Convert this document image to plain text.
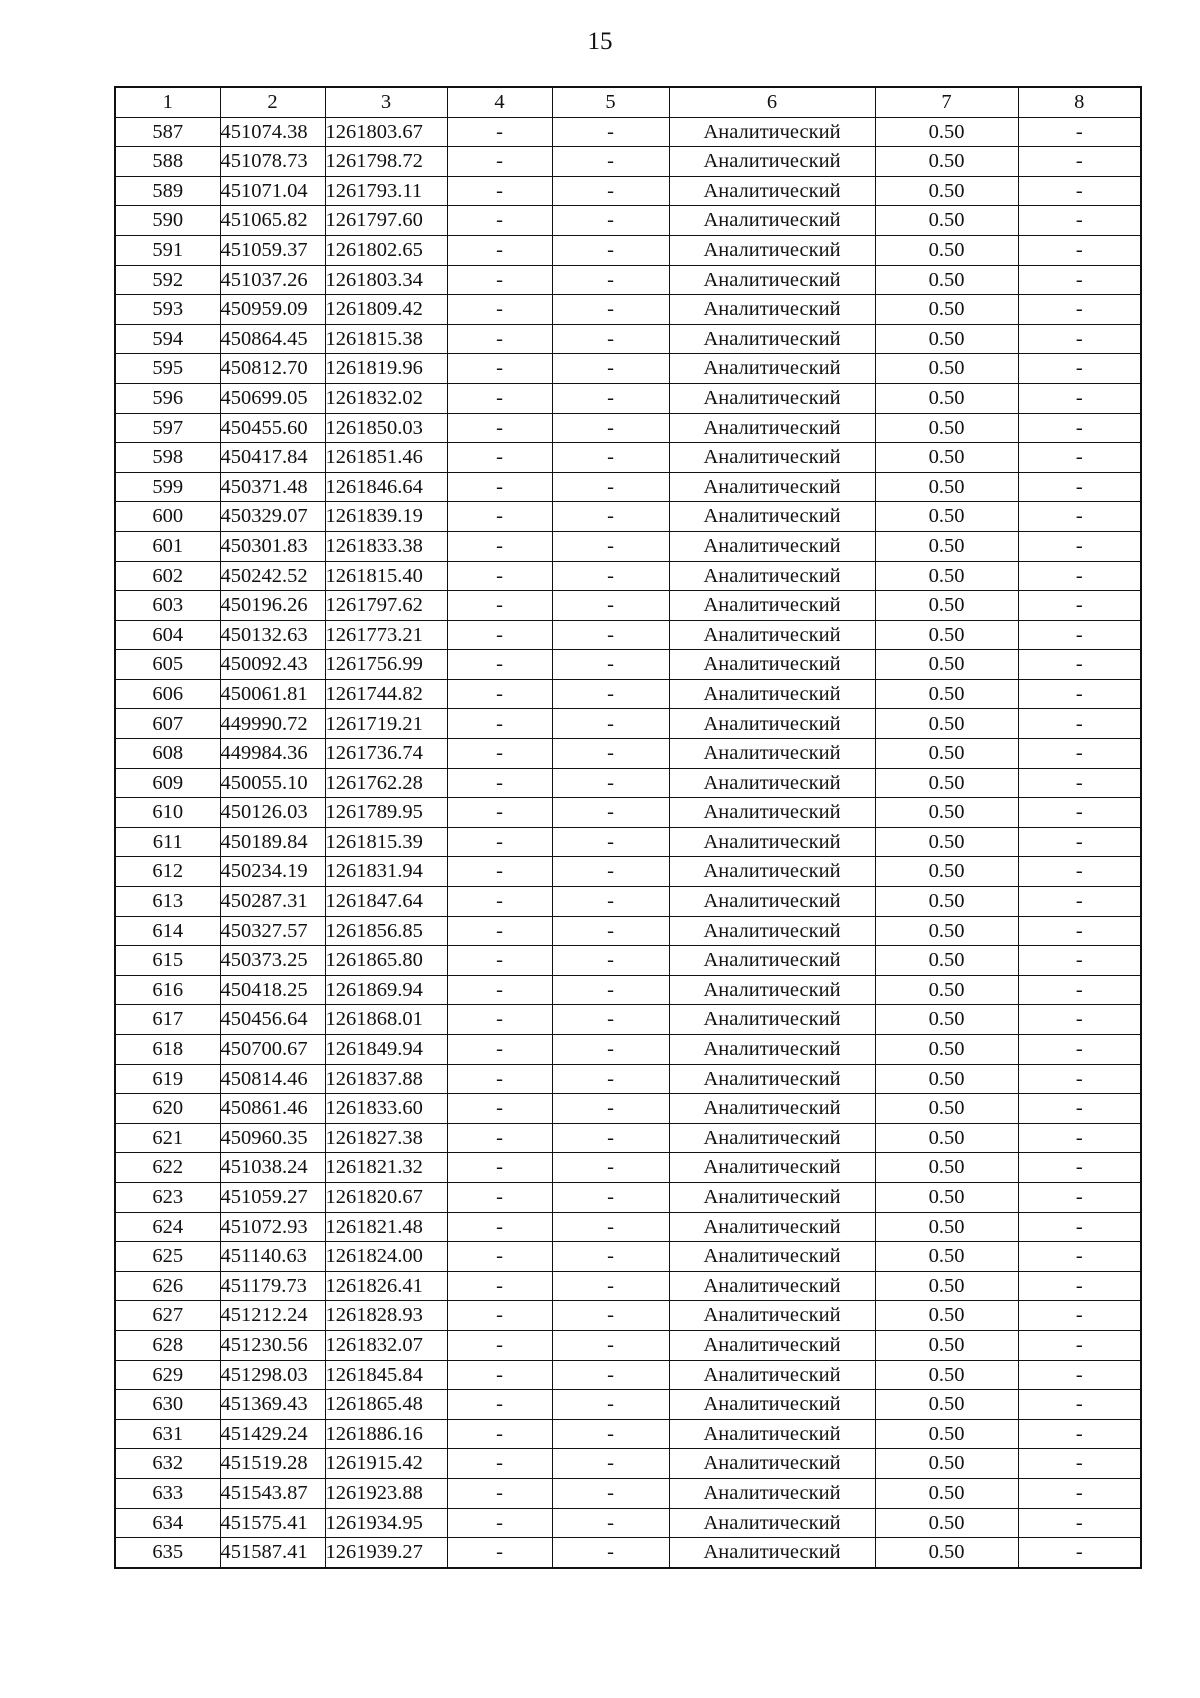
15
1	2	3	4	5	6	7	8
587	451074.38	1261803.67	-	-	Аналитический	0.50	-
588	451078.73	1261798.72	-	-	Аналитический	0.50	-
589	451071.04	1261793.11	-	-	Аналитический	0.50	-
590	451065.82	1261797.60	-	-	Аналитический	0.50	-
591	451059.37	1261802.65	-	-	Аналитический	0.50	-
592	451037.26	1261803.34	-	-	Аналитический	0.50	-
593	450959.09	1261809.42	-	-	Аналитический	0.50	-
594	450864.45	1261815.38	-	-	Аналитический	0.50	-
595	450812.70	1261819.96	-	-	Аналитический	0.50	-
596	450699.05	1261832.02	-	-	Аналитический	0.50	-
597	450455.60	1261850.03	-	-	Аналитический	0.50	-
598	450417.84	1261851.46	-	-	Аналитический	0.50	-
599	450371.48	1261846.64	-	-	Аналитический	0.50	-
600	450329.07	1261839.19	-	-	Аналитический	0.50	-
601	450301.83	1261833.38	-	-	Аналитический	0.50	-
602	450242.52	1261815.40	-	-	Аналитический	0.50	-
603	450196.26	1261797.62	-	-	Аналитический	0.50	-
604	450132.63	1261773.21	-	-	Аналитический	0.50	-
605	450092.43	1261756.99	-	-	Аналитический	0.50	-
606	450061.81	1261744.82	-	-	Аналитический	0.50	-
607	449990.72	1261719.21	-	-	Аналитический	0.50	-
608	449984.36	1261736.74	-	-	Аналитический	0.50	-
609	450055.10	1261762.28	-	-	Аналитический	0.50	-
610	450126.03	1261789.95	-	-	Аналитический	0.50	-
611	450189.84	1261815.39	-	-	Аналитический	0.50	-
612	450234.19	1261831.94	-	-	Аналитический	0.50	-
613	450287.31	1261847.64	-	-	Аналитический	0.50	-
614	450327.57	1261856.85	-	-	Аналитический	0.50	-
615	450373.25	1261865.80	-	-	Аналитический	0.50	-
616	450418.25	1261869.94	-	-	Аналитический	0.50	-
617	450456.64	1261868.01	-	-	Аналитический	0.50	-
618	450700.67	1261849.94	-	-	Аналитический	0.50	-
619	450814.46	1261837.88	-	-	Аналитический	0.50	-
620	450861.46	1261833.60	-	-	Аналитический	0.50	-
621	450960.35	1261827.38	-	-	Аналитический	0.50	-
622	451038.24	1261821.32	-	-	Аналитический	0.50	-
623	451059.27	1261820.67	-	-	Аналитический	0.50	-
624	451072.93	1261821.48	-	-	Аналитический	0.50	-
625	451140.63	1261824.00	-	-	Аналитический	0.50	-
626	451179.73	1261826.41	-	-	Аналитический	0.50	-
627	451212.24	1261828.93	-	-	Аналитический	0.50	-
628	451230.56	1261832.07	-	-	Аналитический	0.50	-
629	451298.03	1261845.84	-	-	Аналитический	0.50	-
630	451369.43	1261865.48	-	-	Аналитический	0.50	-
631	451429.24	1261886.16	-	-	Аналитический	0.50	-
632	451519.28	1261915.42	-	-	Аналитический	0.50	-
633	451543.87	1261923.88	-	-	Аналитический	0.50	-
634	451575.41	1261934.95	-	-	Аналитический	0.50	-
635	451587.41	1261939.27	-	-	Аналитический	0.50	-
